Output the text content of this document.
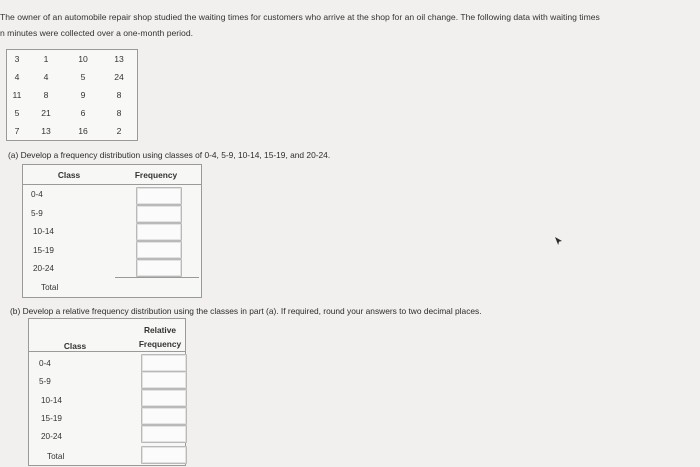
The owner of an automobile repair shop studied the waiting times for customers who arrive at the shop for an oil change. The following data with waiting times
n minutes were collected over a one-month period.
3	1	10	13
4	4	5	24
11	8	9	8
5	21	6	8
7	13	16	2
(a) Develop a frequency distribution using classes of 0-4, 5-9, 10-14, 15-19, and 20-24.
Class	Frequency
0-4
5-9
10-14
15-19
20-24
Total
(b) Develop a relative frequency distribution using the classes in part (a). If required, round your answers to two decimal places.
Class
Relative
Frequency
0-4
5-9
10-14
15-19
20-24
Total
